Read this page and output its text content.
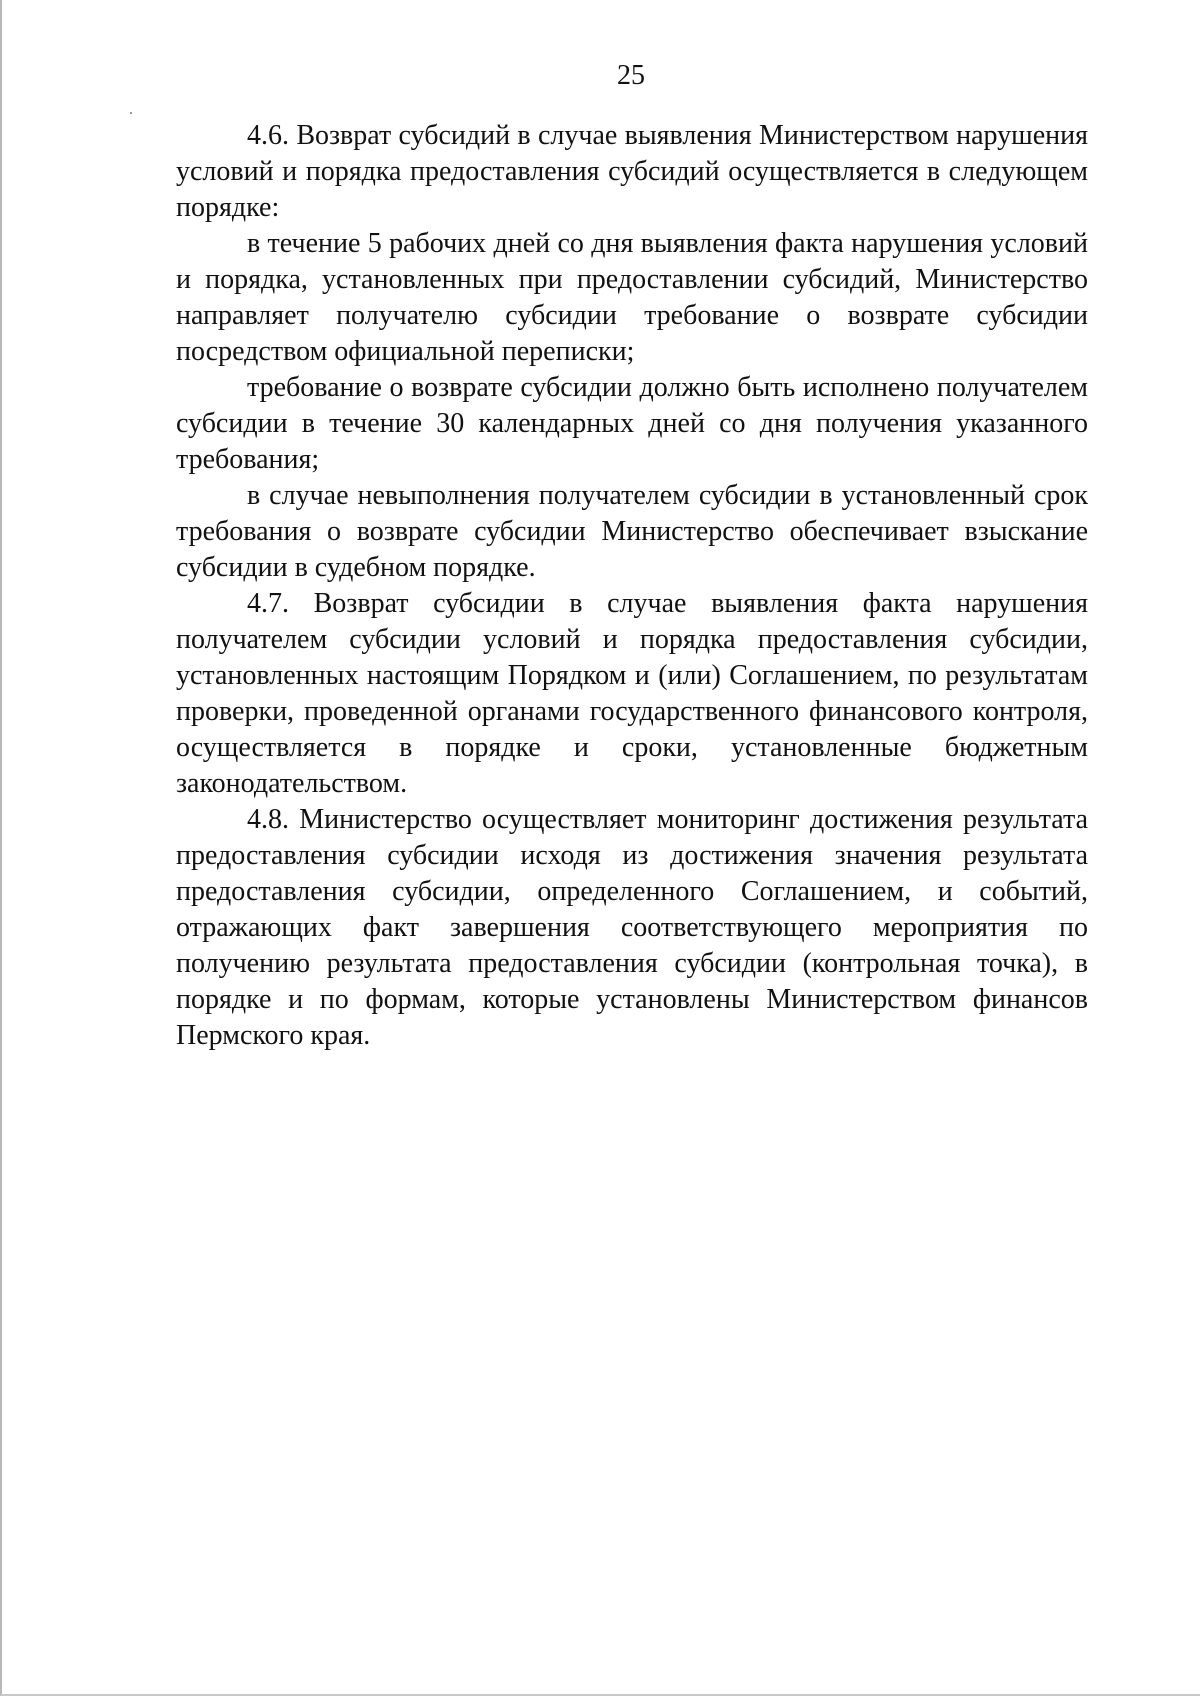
25

4.6. Возврат субсидий в случае выявления Министерством нарушения условий и порядка предоставления субсидий осуществляется в следующем порядке:

в течение 5 рабочих дней со дня выявления факта нарушения условий и порядка, установленных при предоставлении субсидий, Министерство направляет получателю субсидии требование о возврате субсидии посредством официальной переписки;

требование о возврате субсидии должно быть исполнено получателем субсидии в течение 30 календарных дней со дня получения указанного требования;

в случае невыполнения получателем субсидии в установленный срок требования о возврате субсидии Министерство обеспечивает взыскание субсидии в судебном порядке.

4.7. Возврат субсидии в случае выявления факта нарушения получателем субсидии условий и порядка предоставления субсидии, установленных настоящим Порядком и (или) Соглашением, по результатам проверки, проведенной органами государственного финансового контроля, осуществляется в порядке и сроки, установленные бюджетным законодательством.

4.8. Министерство осуществляет мониторинг достижения результата предоставления субсидии исходя из достижения значения результата предоставления субсидии, определенного Соглашением, и событий, отражающих факт завершения соответствующего мероприятия по получению результата предоставления субсидии (контрольная точка), в порядке и по формам, которые установлены Министерством финансов Пермского края.
